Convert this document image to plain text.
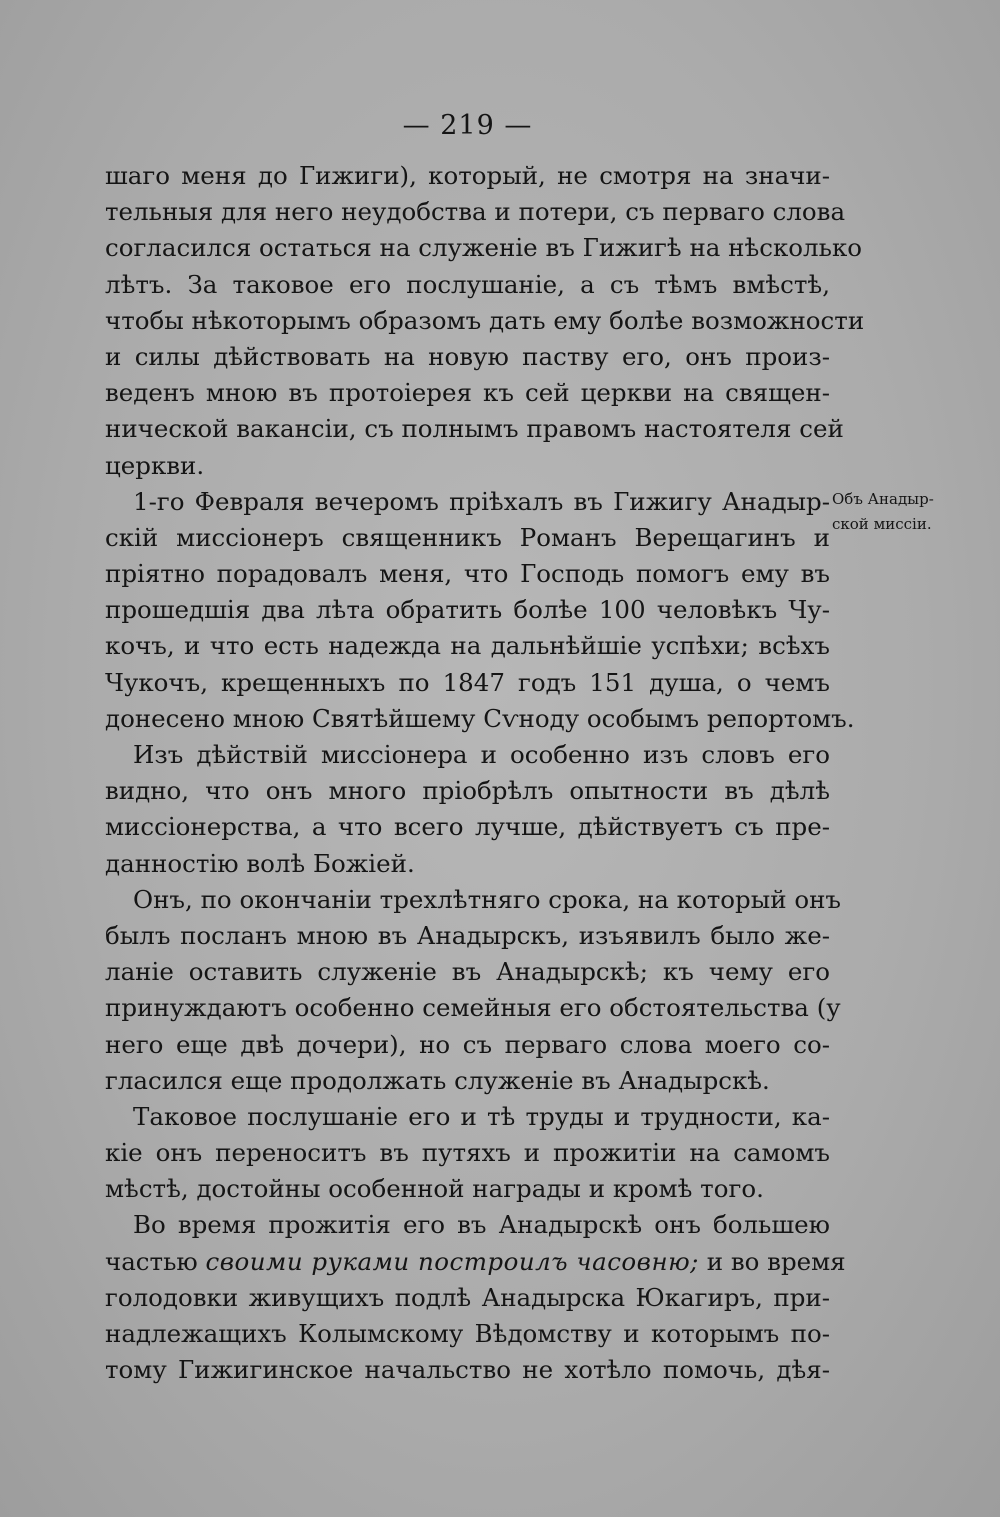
— 219 —
шаго меня до Гижиги), который, не смотря на значи-
тельныя для него неудобства и потери, съ перваго слова
согласился остаться на служеніе въ Гижигѣ на нѣсколько
лѣтъ. За таковое его послушаніе, а съ тѣмъ вмѣстѣ,
чтобы нѣкоторымъ образомъ дать ему болѣе возможности
и силы дѣйствовать на новую паству его, онъ произ-
веденъ мною въ протоіерея къ сей церкви на священ-
нической вакансіи, съ полнымъ правомъ настоятеля сей
церкви.
1-го Февраля вечеромъ пріѣхалъ въ Гижигу Анадыр-
скій миссіонеръ священникъ Романъ Верещагинъ и
пріятно порадовалъ меня, что Господь помогъ ему въ
прошедшія два лѣта обратить болѣе 100 человѣкъ Чу-
кочъ, и что есть надежда на дальнѣйшіе успѣхи; всѣхъ
Чукочъ, крещенныхъ по 1847 годъ 151 душа, о чемъ
донесено мною Святѣйшему Сѵноду особымъ репортомъ.
Изъ дѣйствій миссіонера и особенно изъ словъ его
видно, что онъ много пріобрѣлъ опытности въ дѣлѣ
миссіонерства, а что всего лучше, дѣйствуетъ съ пре-
данностію волѣ Божіей.
Онъ, по окончаніи трехлѣтняго срока, на который онъ
былъ посланъ мною въ Анадырскъ, изъявилъ было же-
ланіе оставить служеніе въ Анадырскѣ; къ чему его
принуждаютъ особенно семейныя его обстоятельства (у
него еще двѣ дочери), но съ перваго слова моего со-
гласился еще продолжать служеніе въ Анадырскѣ.
Таковое послушаніе его и тѣ труды и трудности, ка-
кіе онъ переноситъ въ путяхъ и прожитіи на самомъ
мѣстѣ, достойны особенной награды и кромѣ того.
Во время прожитія его въ Анадырскѣ онъ большею
частью своими руками построилъ часовню; и во время
голодовки живущихъ подлѣ Анадырска Юкагиръ, при-
надлежащихъ Колымскому Вѣдомству и которымъ по-
тому Гижигинское начальство не хотѣло помочь, дѣя-
Объ Анадыр-
ской миссіи.
